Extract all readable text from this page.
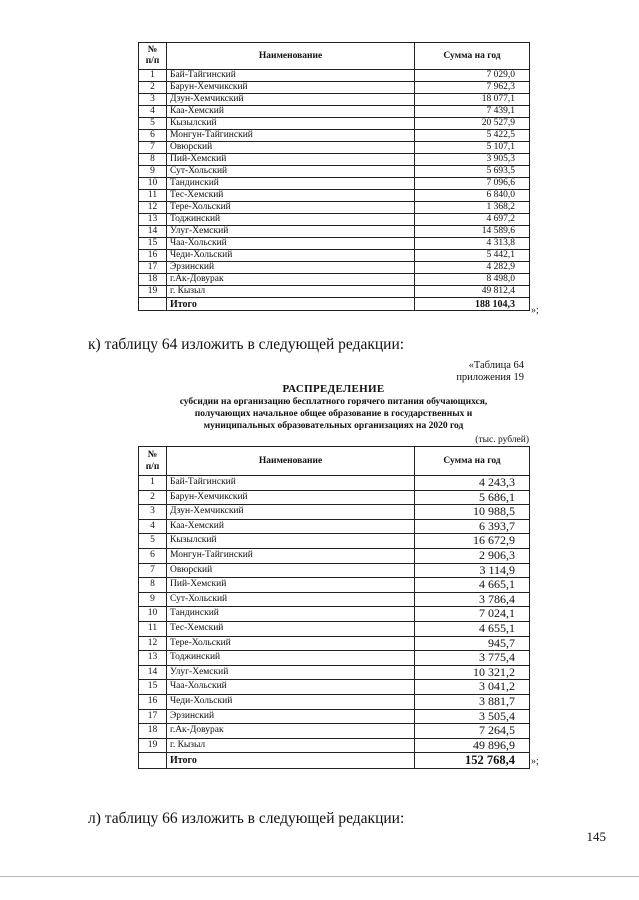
№
п/п	Наименование	Сумма на год
1	Бай-Тайгинский	7 029,0
2	Барун-Хемчикский	7 962,3
3	Дзун-Хемчикский	18 077,1
4	Каа-Хемский	7 439,1
5	Кызылский	20 527,9
6	Монгун-Тайгинский	5 422,5
7	Овюрский	5 107,1
8	Пий-Хемский	3 905,3
9	Сут-Хольский	5 693,5
10	Тандинский	7 096,6
11	Тес-Хемский	6 840,0
12	Тере-Хольский	1 368,2
13	Тоджинский	4 697,2
14	Улуг-Хемский	14 589,6
15	Чаа-Хольский	4 313,8
16	Чеди-Хольский	5 442,1
17	Эрзинский	4 282,9
18	г.Ак-Довурак	8 498,0
19	г. Кызыл	49 812,4
	Итого	188 104,3
»;
к) таблицу 64 изложить в следующей редакции:
«Таблица 64
приложения 19
РАСПРЕДЕЛЕНИЕ
субсидии на организацию бесплатного горячего питания обучающихся,
получающих начальное общее образование в государственных и
муниципальных образовательных организациях на 2020 год
(тыс. рублей)
№
п/п	Наименование	Сумма на год
1	Бай-Тайгинский	4 243,3
2	Барун-Хемчикский	5 686,1
3	Дзун-Хемчикский	10 988,5
4	Каа-Хемский	6 393,7
5	Кызылский	16 672,9
6	Монгун-Тайгинский	2 906,3
7	Овюрский	3 114,9
8	Пий-Хемский	4 665,1
9	Сут-Хольский	3 786,4
10	Тандинский	7 024,1
11	Тес-Хемский	4 655,1
12	Тере-Хольский	945,7
13	Тоджинский	3 775,4
14	Улуг-Хемский	10 321,2
15	Чаа-Хольский	3 041,2
16	Чеди-Хольский	3 881,7
17	Эрзинский	3 505,4
18	г.Ак-Довурак	7 264,5
19	г. Кызыл	49 896,9
	Итого	152 768,4 »;
л) таблицу 66 изложить в следующей редакции:
145
